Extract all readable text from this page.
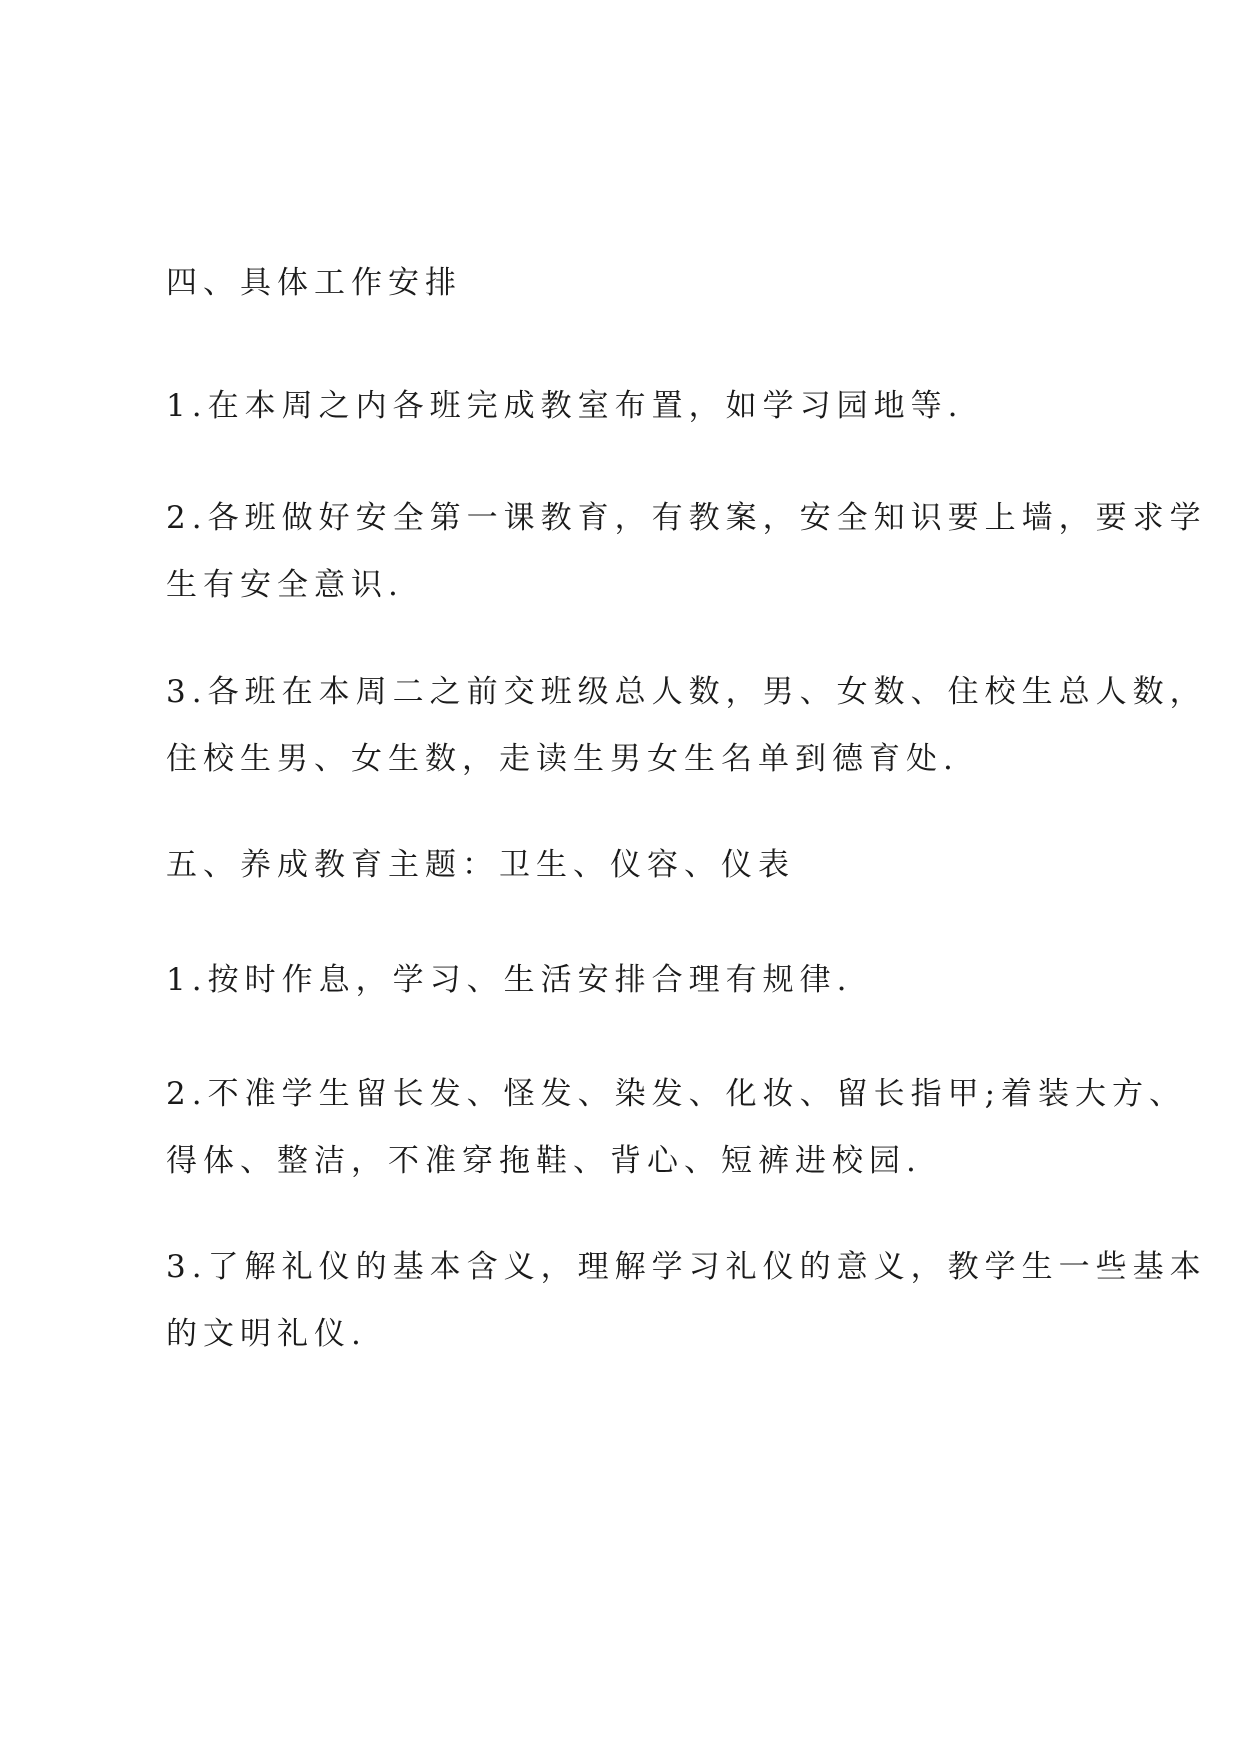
四、具体工作安排
1.在本周之内各班完成教室布置，如学习园地等.
2.各班做好安全第一课教育，有教案，安全知识要上墙，要求学
生有安全意识.
3.各班在本周二之前交班级总人数，男、女数、住校生总人数，
住校生男、女生数，走读生男女生名单到德育处.
五、养成教育主题：卫生、仪容、仪表
1.按时作息，学习、生活安排合理有规律.
2.不准学生留长发、怪发、染发、化妆、留长指甲;着装大方、
得体、整洁，不准穿拖鞋、背心、短裤进校园.
3.了解礼仪的基本含义，理解学习礼仪的意义，教学生一些基本
的文明礼仪.
